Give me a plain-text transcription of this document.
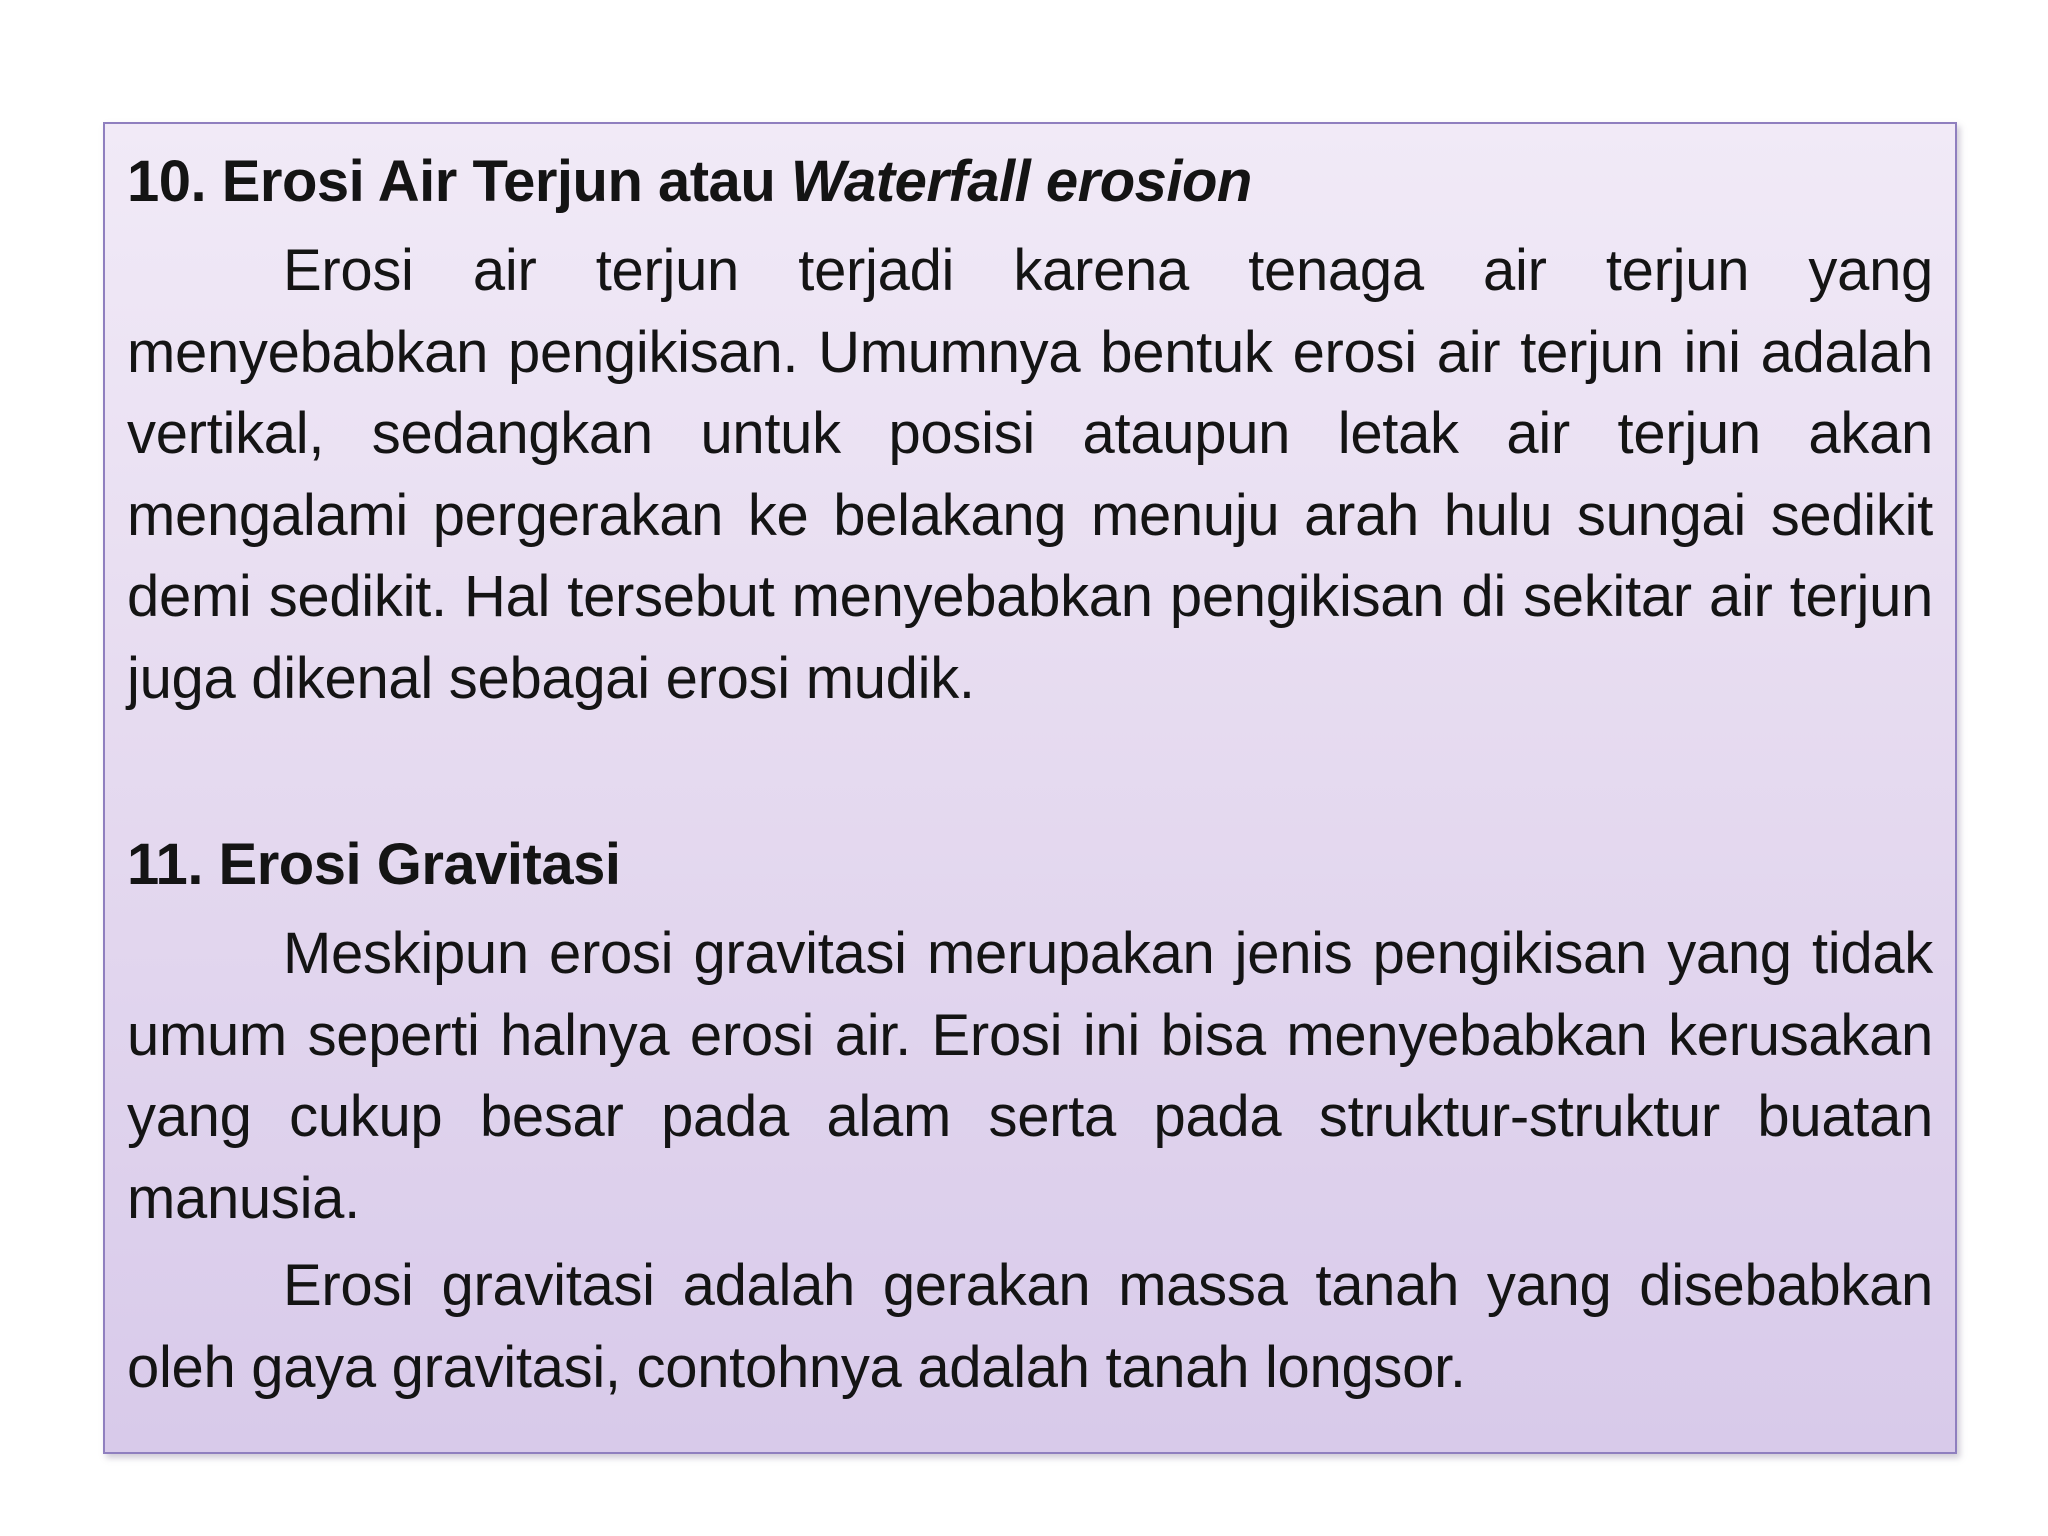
10. Erosi Air Terjun atau Waterfall erosion

Erosi air terjun terjadi karena tenaga air terjun yang menyebabkan pengikisan. Umumnya bentuk erosi air terjun ini adalah vertikal, sedangkan untuk posisi ataupun letak air terjun akan mengalami pergerakan ke belakang menuju arah hulu sungai sedikit demi sedikit. Hal tersebut menyebabkan pengikisan di sekitar air terjun juga dikenal sebagai erosi mudik.

11. Erosi Gravitasi

Meskipun erosi gravitasi merupakan jenis pengikisan yang tidak umum seperti halnya erosi air. Erosi ini bisa menyebabkan kerusakan yang cukup besar pada alam serta pada struktur-struktur buatan manusia.

Erosi gravitasi adalah gerakan massa tanah yang disebabkan oleh gaya gravitasi, contohnya adalah tanah longsor.
